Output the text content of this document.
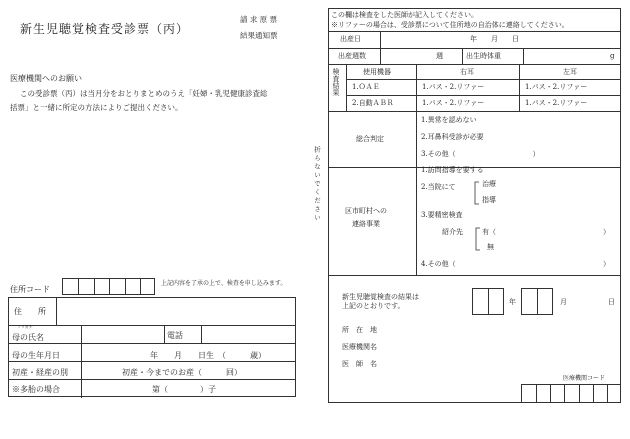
新生児聴覚検査受診票（丙）
請 求 原 票
結果通知票
医療機関へのお願い
この受診票（丙）は当月分をおとりまとめのうえ「妊婦・乳児健康診査総
括票」と一緒に所定の方法によりご提出ください。
住所コード
上記内容を了承の上で、検査を申し込みます。
住　　所
フリガナ
母の氏名	電話
母の生年月日	年　　月　　日生　（　　　歳）
初産・経産の別	初産・今までのお産（　　　回）
※多胎の場合	第（　　　　）子
折らないでください
この欄は検査をした医師が記入してください。
※リファーの場合は、受診票について住所地の自治体に連絡してください。
出産日	年　　月　　日
出産週数	週	出生時体重	g
検査結果	使用機器	右耳	左耳
1.ＯＡＥ	1.パス・2.リファー	1.パス・2.リファー
2.自動ＡＢＲ	1.パス・2.リファー	1.パス・2.リファー
総合判定
1.異常を認めない
2.耳鼻科受診が必要
3.その他（　　　　　　　　　　　）
区市町村への
連絡事業
1.訪問指導を要する
2.当院にて	治療
指導
3.要精密検査
紹介先	有（	）
無
4.その他（	）
新生児聴覚検査の結果は
上記のとおりです。	年	月	日
所　在　地
医療機関名
医　師　名
医療機関コード
